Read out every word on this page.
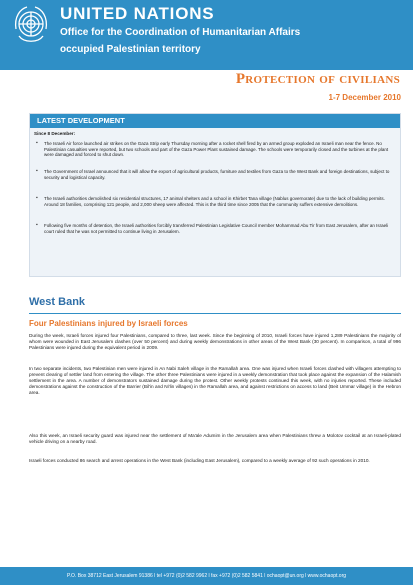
UNITED NATIONS
Office for the Coordination of Humanitarian Affairs
occupied Palestinian territory
Protection of civilians
1-7 December 2010
LATEST DEVELOPMENT
Since 8 December:
▪ The Israeli Air force launched air strikes on the Gaza Strip early Thursday morning after a rocket shell fired by an armed group exploded an Israeli man near the fence. No Palestinian casualties were reported, but two schools and part of the Gaza Power Plant sustained damage. The schools were temporarily closed and the turbines at the plant were damaged and forced to shut down.
▪ The Government of Israel announced that it will allow the export of agricultural products, furniture and textiles from Gaza to the West Bank and foreign destinations, subject to security and logistical capacity.
▪ The Israeli authorities demolished six residential structures, 17 animal shelters and a school in Khirbet Tana village (Nablus governorate) due to the lack of building permits. Around 18 families, comprising 121 people, and 2,000 sheep were affected. This is the third time since 2005 that the community suffers extensive demolitions.
▪ Following five months of detention, the Israeli authorities forcibly transferred Palestinian Legislative Council member Mohammad Abu Tir from East Jerusalem, after an Israeli court ruled that he was not permitted to continue living in Jerusalem.
West Bank
Four Palestinians injured by Israeli forces
During the week, Israeli forces injured four Palestinians, compared to three, last week. Since the beginning of 2010, Israeli forces have injured 1,289 Palestinians the majority of whom were wounded in East Jerusalem clashes (over 50 percent) and during weekly demonstrations in other areas of the West Bank (30 percent). In comparison, a total of 996 Palestinians were injured during the equivalent period in 2009.
In two separate incidents, two Palestinian men were injured in An Nabi Saleh village in the Ramallah area. One was injured when Israeli forces clashed with villagers attempting to prevent clearing of settler land from entering the village. The other three Palestinians were injured in a weekly demonstration that took place against the expansion of the Halamish settlement in the area. A number of demonstrators sustained damage during the protest. Other weekly protests continued this week, with no injuries reported. These included demonstrations against the construction of the Barrier (Bil'in and Ni'lin villages) in the Ramallah area, and against restrictions on access to land (Beit Ummar village) in the Hebron area.
Also this week, an Israeli security guard was injured near the settlement of Ma'ale Adumim in the Jerusalem area when Palestinians threw a Molotov cocktail at an Israeli-plated vehicle driving on a nearby road.
Israeli forces conducted 86 search and arrest operations in the West Bank (including East Jerusalem), compared to a weekly average of 92 such operations in 2010.
P.O. Box 38712 East Jerusalem 91386 l tel +972 (0)2 582 9962 l fax +972 (0)2 582 5841 l ochaopt@un.org l www.ochaopt.org
